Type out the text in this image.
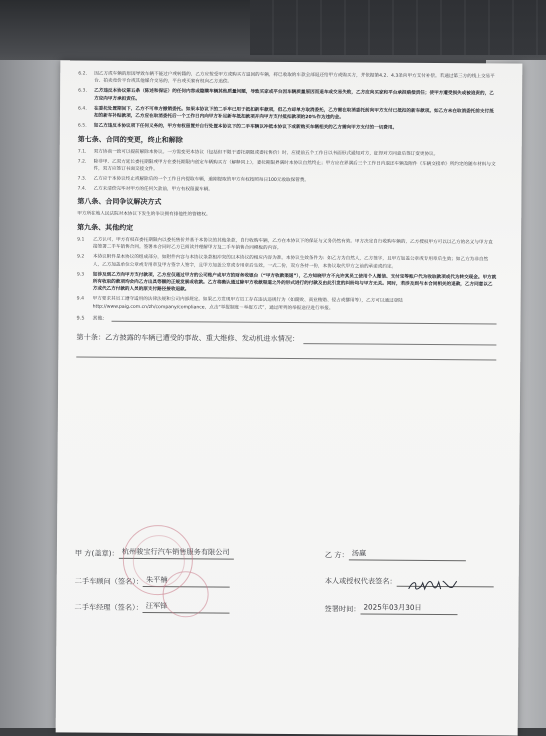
6.2.	因乙方或车辆的原因导致车辆不能过户或转籍的，乙方应按受甲方或购买方退回的车辆，将已收取的车款全部退还给甲方或购买方，并依据第4.2、4.3条向甲方支付补偿。若通过第三方的线上交易平台、拍卖竞价平台或其他媒介交易的，平台或买家有权向乙方追偿。
6.3.	乙方违反本协议第五条（陈述和保证）的任何内容或隐瞒车辆其他质量问题，导致买家或平台因车辆质量原因而退车或交易失败，乙方应向买家和平台承担赔偿责任；使甲方遭受损失或被追责的，乙方应向甲方承担责任。
6.4.	在委托处置期间下，乙方不可单方撤销委托。如果本协议下的二手车已用于抵扣新车款项，但乙方却单方取消委托，乙方需在取消委托前向甲方支付已抵扣的新车款项。如乙方未在取消委托前支付抵扣的新车补贴款项，乙方应在取消委托后一个工作日内向甲方补足新车抵扣款项并向甲方支付抵扣款项的20%作为违约金。
6.5.	如乙方违反本协议项下任何义务的，甲方有权留置并自行处置本协议下的二手车辆以冲抵本协议下或新购买车辆相关的乙方需向甲方支付的一切费用。
第七条、合同的变更，终止和解除
7.1.	双方协商一致可以提前解除本协议。一方需变更本协议（包括但不限于委托期限或委托售价）时，应提前五个工作日以书面形式通知对方，征得对方同意后签订变更协议。
7.2.	除非甲、乙双方延长委托期限或甲方在委托期限内创定车辆购买方（解释同上），委托期限界满时本协议自然终止；甲方应在界满后三个工作日内退还车辆及附件《车辆交接单》所约定的随车材料与文件，双方应签订书面交接文件。
7.3.	乙方应于本协议终止或解除后的一个工作日内提取车辆，逾期提取的甲方有权按照每日100元收取保管费。
7.4.	乙方未清偿完毕对甲方的任何欠款前，甲方有权留置车辆。
第八条、合同争议解决方式
甲方所在地人民法院对本协议下发生的争议拥有排他性的管辖权。
第九条、其他约定
9.1	乙方认可，甲方有权在委托期限内以委托售价并基于本协议的其他条款，自行收购车辆，乙方在本协议下的保证与义务仍然有效。甲方决定自行收购车辆的，乙方授权甲方可以以乙方的名义与甲方直接签署二手车销售合同。签署本合同时乙方已阅读并理解甲方及二手车销售合同模板的内容。
9.2	本协议附件是本协议的组成部分，如附件内容与本协议条款相冲突的以本协议的相应内容为准。本协议生效条件为：如乙方为自然人，乙方签字，且甲方加盖公章或专用章后生效；如乙方为非自然人，乙方加盖单位公章或专用章及甲方签字人签字，且甲方加盖公章或专用章后生效。一式二份，双方各持一份，本协议取代甲方之前的承诺或约定。
9.3	如涉及到乙方向甲方支付款项，乙方应仅通过甲方的公司账户或甲方的财务收银台（“甲方收款渠道”），乙方知晓甲方不允许其员工使用个人微信、支付宝等账户代为收取款项或代为转交现金。甲方就所有收取的款项均会向乙方出具等额的正规发票或收款。乙方将确认通过除甲方收款渠道之外的形式进行的付款及由此引发的纠纷均与甲方无关。同时，若涉及到与本合同相关的退款，乙方同意以乙方或代乙方付款的人员的原支付路径接收退款。
9.4	甲方要求其员工遵守适用的法律法规和公司内部规定。如果乙方发现甲方员工存在违法违规行为（如腐败、商业贿赂、侵占或挪用等），乙方可以通过登陆http://www.paig.com.cn/zh/company/compliance，点击“举报制度－举报方式”，通过所列的举报途径进行举报。
9.5	其他：
第十条：乙方披露的车辆已遭受的事故、重大维修、发动机进水情况：
甲 方(盖章)： 杭州骏宝行汽车销售服务有限公司	乙 方： 汤赢
二手车顾问（签名）： 朱平楠	本人或授权代表签名：
二手车经理（签名）： 汪军锋	签署时间： 2025年03月30日
